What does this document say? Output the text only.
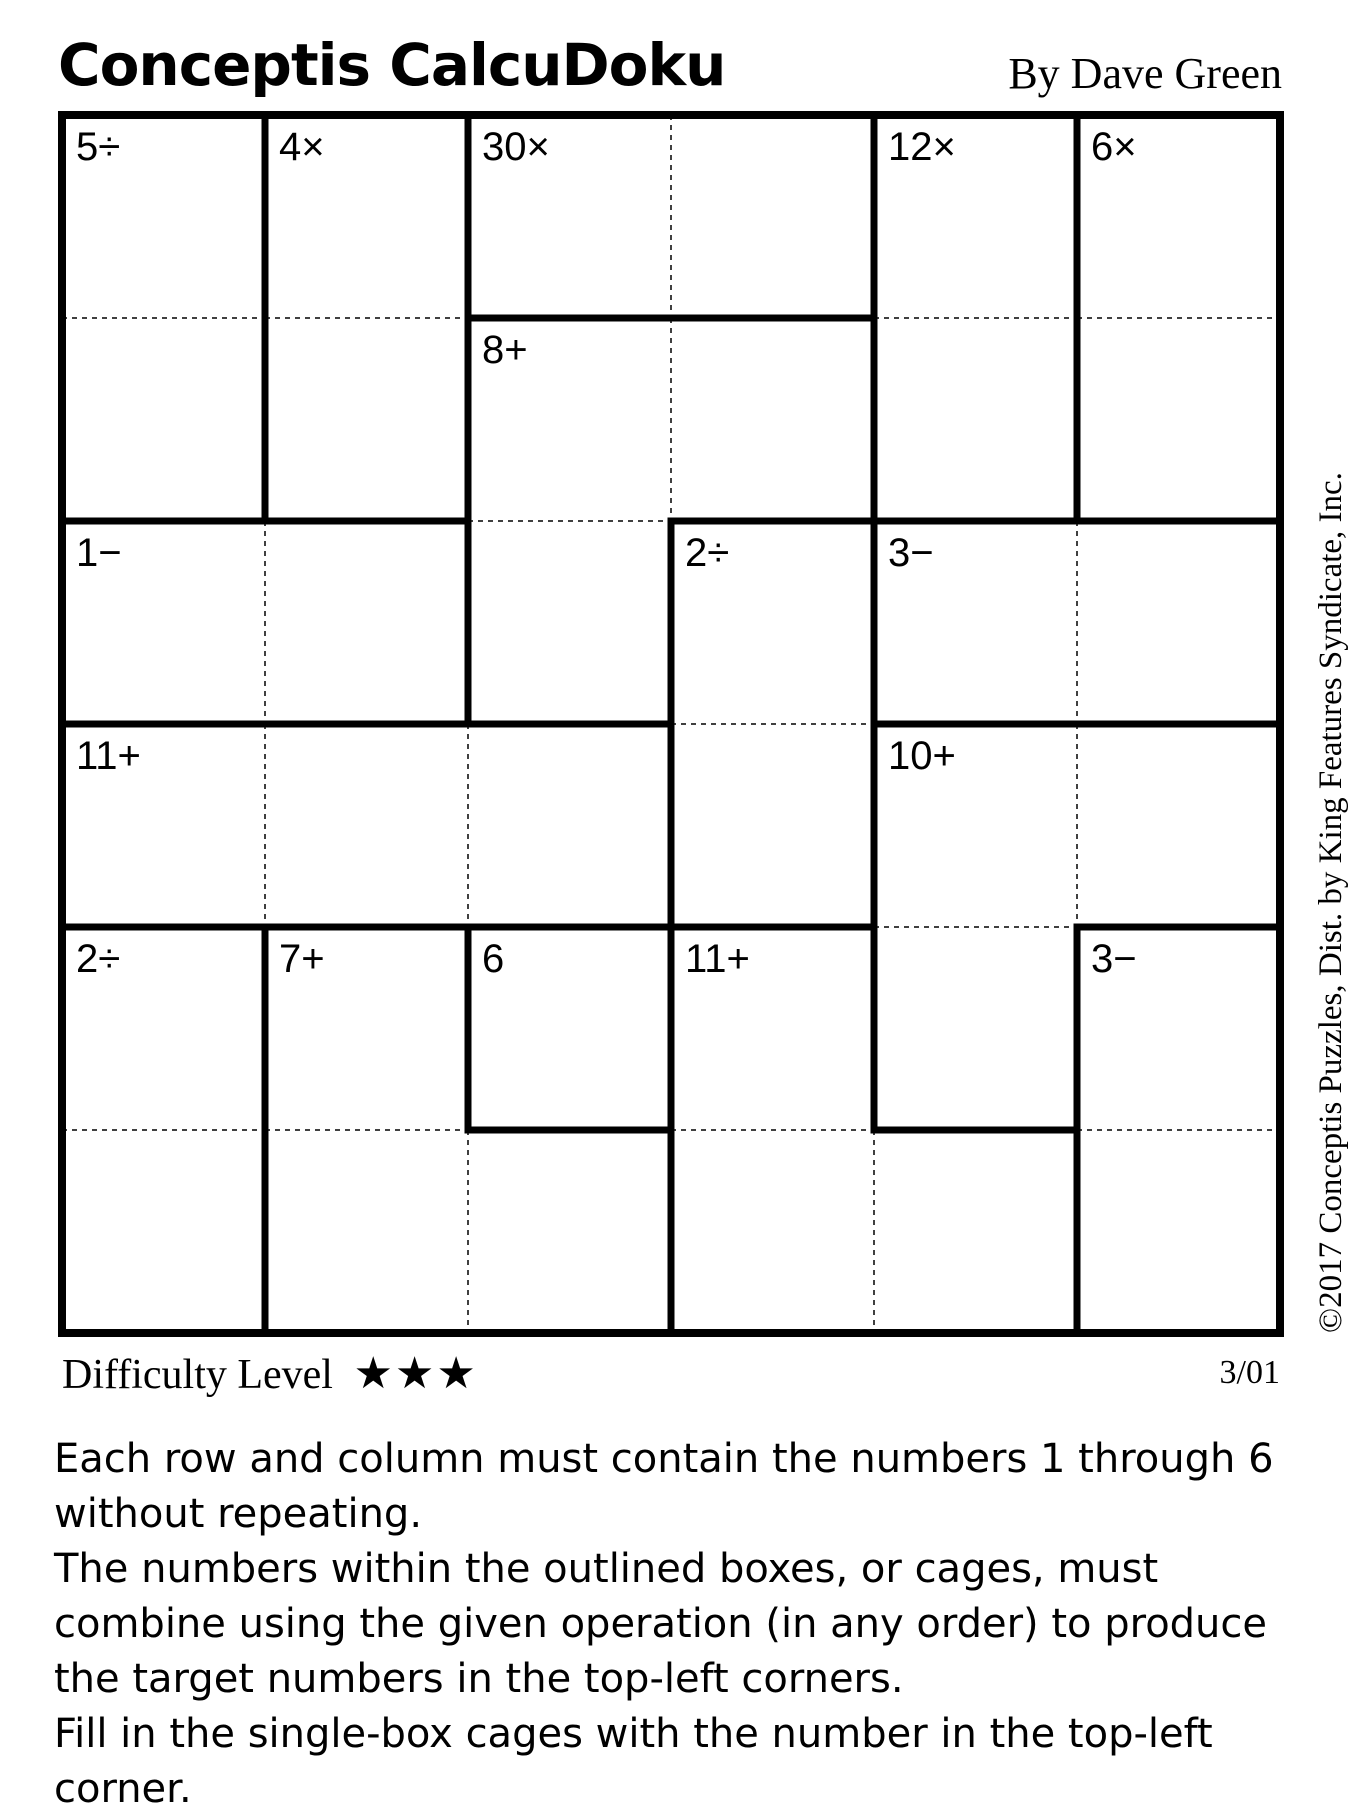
Conceptis CalcuDoku	By Dave Green
5÷	4×	30×	12×	6×
8+
1−	2÷	3−
11+	10+
2÷	7+	6	11+	3−	©2017 Conceptis Puzzles, Dist. by King Features Syndicate, Inc.
Difficulty Level ★★★	3/01

Each row and column must contain the numbers 1 through 6 without repeating.

The numbers within the outlined boxes, or cages, must combine using the given operation (in any order) to produce the target numbers in the top-left corners.

Fill in the single-box cages with the number in the top-left corner.
